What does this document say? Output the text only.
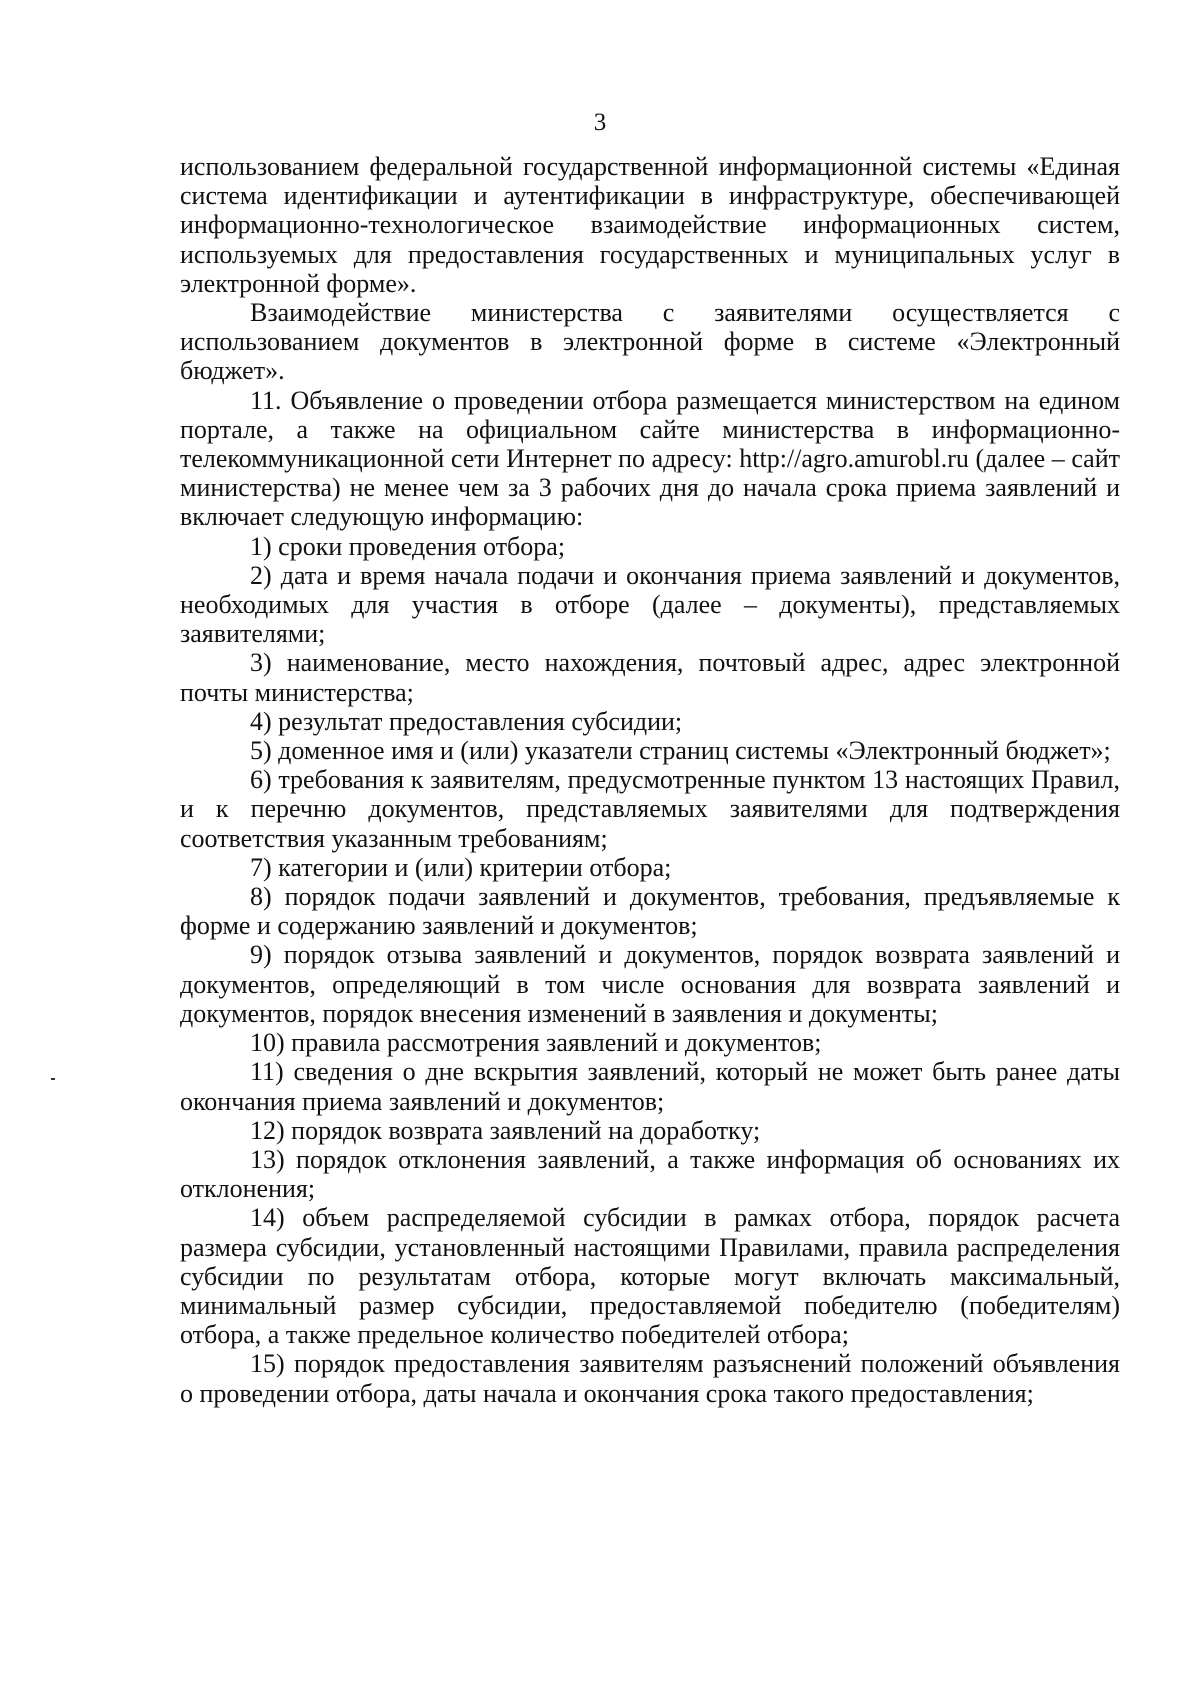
3

использованием федеральной государственной информационной системы «Единая система идентификации и аутентификации в инфраструктуре, обеспечивающей информационно-технологическое взаимодействие информационных систем, используемых для предоставления государственных и муниципальных услуг в электронной форме».

Взаимодействие министерства с заявителями осуществляется с использованием документов в электронной форме в системе «Электронный бюджет».

11. Объявление о проведении отбора размещается министерством на едином портале, а также на официальном сайте министерства в информационно-телекоммуникационной сети Интернет по адресу: http://agro.amurobl.ru (далее – сайт министерства) не менее чем за 3 рабочих дня до начала срока приема заявлений и включает следующую информацию:

1) сроки проведения отбора;

2) дата и время начала подачи и окончания приема заявлений и документов, необходимых для участия в отборе (далее – документы), представляемых заявителями;

3) наименование, место нахождения, почтовый адрес, адрес электронной почты министерства;

4) результат предоставления субсидии;

5) доменное имя и (или) указатели страниц системы «Электронный бюджет»;

6) требования к заявителям, предусмотренные пунктом 13 настоящих Правил, и к перечню документов, представляемых заявителями для подтверждения соответствия указанным требованиям;

7) категории и (или) критерии отбора;

8) порядок подачи заявлений и документов, требования, предъявляемые к форме и содержанию заявлений и документов;

9) порядок отзыва заявлений и документов, порядок возврата заявлений и документов, определяющий в том числе основания для возврата заявлений и документов, порядок внесения изменений в заявления и документы;

10) правила рассмотрения заявлений и документов;

11) сведения о дне вскрытия заявлений, который не может быть ранее даты окончания приема заявлений и документов;

12) порядок возврата заявлений на доработку;

13) порядок отклонения заявлений, а также информация об основаниях их отклонения;

14) объем распределяемой субсидии в рамках отбора, порядок расчета размера субсидии, установленный настоящими Правилами, правила распределения субсидии по результатам отбора, которые могут включать максимальный, минимальный размер субсидии, предоставляемой победителю (победителям) отбора, а также предельное количество победителей отбора;

15) порядок предоставления заявителям разъяснений положений объявления о проведении отбора, даты начала и окончания срока такого предоставления;
